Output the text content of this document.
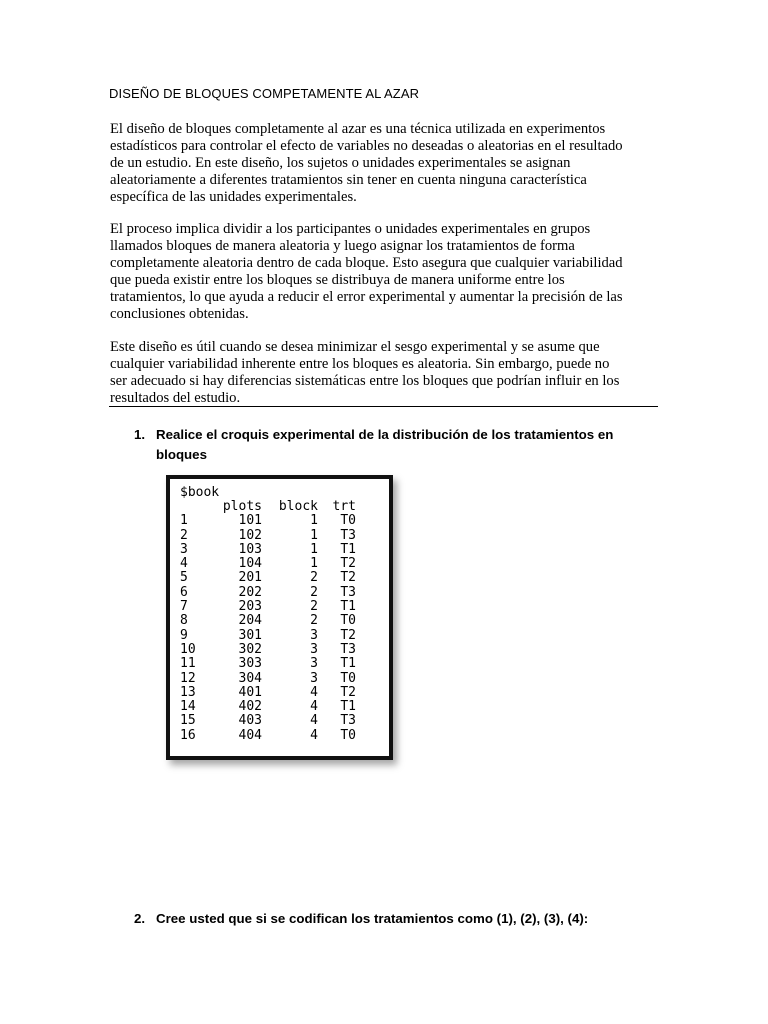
DISEÑO DE BLOQUES COMPETAMENTE AL AZAR

El diseño de bloques completamente al azar es una técnica utilizada en experimentos
estadísticos para controlar el efecto de variables no deseadas o aleatorias en el resultado
de un estudio. En este diseño, los sujetos o unidades experimentales se asignan
aleatoriamente a diferentes tratamientos sin tener en cuenta ninguna característica
específica de las unidades experimentales.

El proceso implica dividir a los participantes o unidades experimentales en grupos
llamados bloques de manera aleatoria y luego asignar los tratamientos de forma
completamente aleatoria dentro de cada bloque. Esto asegura que cualquier variabilidad
que pueda existir entre los bloques se distribuya de manera uniforme entre los
tratamientos, lo que ayuda a reducir el error experimental y aumentar la precisión de las
conclusiones obtenidas.

Este diseño es útil cuando se desea minimizar el sesgo experimental y se asume que
cualquier variabilidad inherente entre los bloques es aleatoria. Sin embargo, puede no
ser adecuado si hay diferencias sistemáticas entre los bloques que podrían influir en los
resultados del estudio.

1. Realice el croquis experimental de la distribución de los tratamientos en
bloques
$book
	plots	block	trt
1	101	1	T0
2	102	1	T3
3	103	1	T1
4	104	1	T2
5	201	2	T2
6	202	2	T3
7	203	2	T1
8	204	2	T0
9	301	3	T2
10	302	3	T3
11	303	3	T1
12	304	3	T0
13	401	4	T2
14	402	4	T1
15	403	4	T3
16	404	4	T0
2. Cree usted que si se codifican los tratamientos como (1), (2), (3), (4):
